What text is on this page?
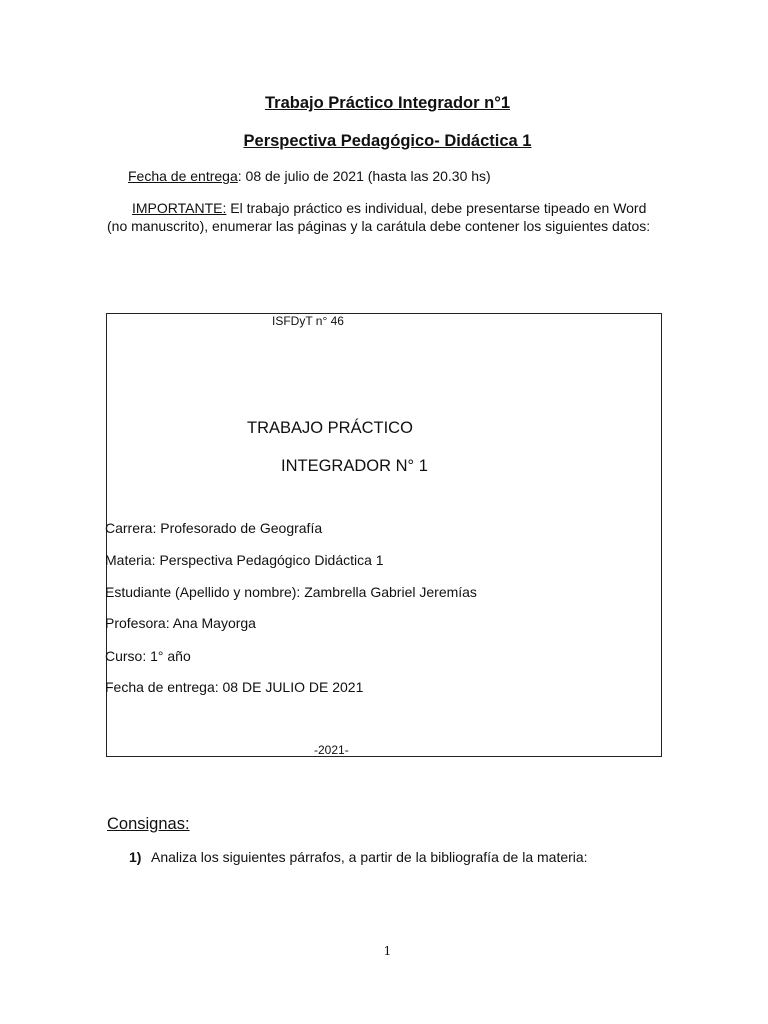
Trabajo Práctico Integrador n°1
Perspectiva Pedagógico- Didáctica 1
Fecha de entrega: 08 de julio de 2021 (hasta las 20.30 hs)
IMPORTANTE: El trabajo práctico es individual, debe presentarse tipeado en Word
(no manuscrito), enumerar las páginas y la carátula debe contener los siguientes datos:
ISFDyT n° 46
TRABAJO PRÁCTICO
INTEGRADOR N° 1
Carrera: Profesorado de Geografía
Materia: Perspectiva Pedagógico Didáctica 1
Estudiante (Apellido y nombre): Zambrella Gabriel Jeremías
Profesora: Ana Mayorga
Curso: 1° año
Fecha de entrega: 08 DE JULIO DE 2021
-2021-
Consignas:
1) Analiza los siguientes párrafos, a partir de la bibliografía de la materia:
1
